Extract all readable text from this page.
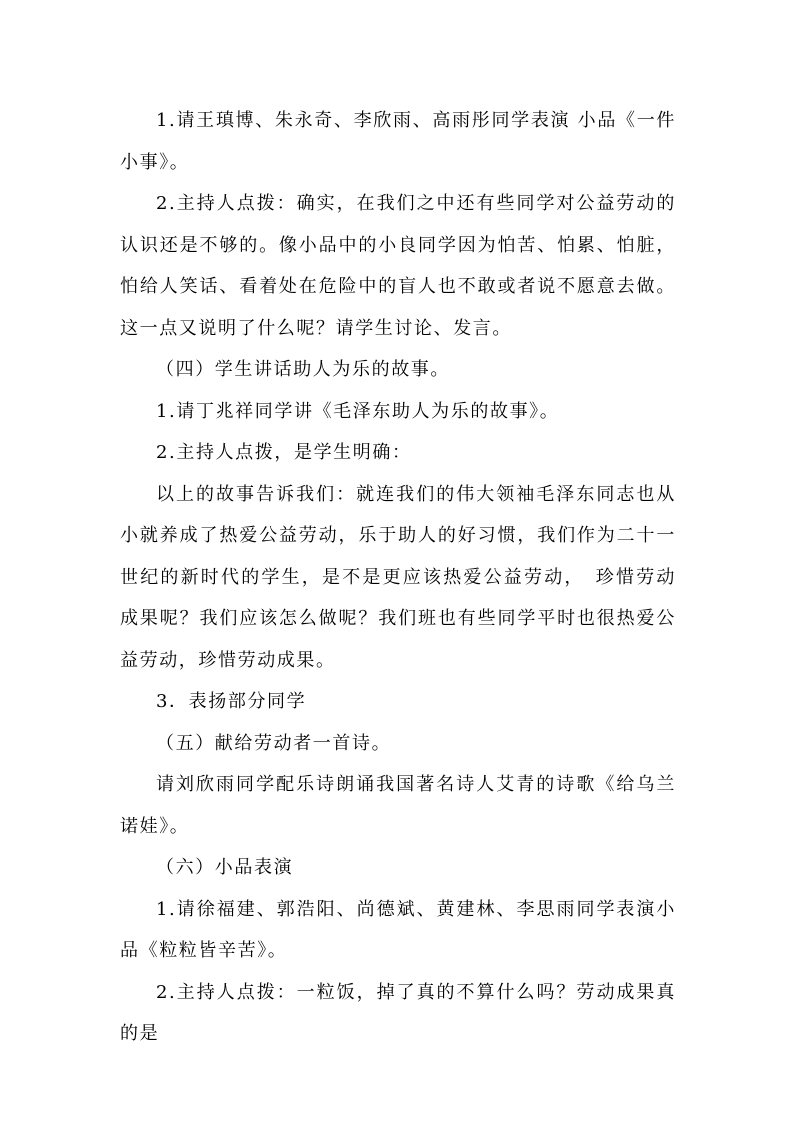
1.请王瑱博、朱永奇、李欣雨、高雨彤同学表演 小品《一件小事》。

2.主持人点拨：确实，在我们之中还有些同学对公益劳动的认识还是不够的。像小品中的小良同学因为怕苦、怕累、怕脏，怕给人笑话、看着处在危险中的盲人也不敢或者说不愿意去做。这一点又说明了什么呢？请学生讨论、发言。

（四）学生讲话助人为乐的故事。

1.请丁兆祥同学讲《毛泽东助人为乐的故事》。

2.主持人点拨，是学生明确：

以上的故事告诉我们：就连我们的伟大领袖毛泽东同志也从小就养成了热爱公益劳动，乐于助人的好习惯，我们作为二十一世纪的新时代的学生，是不是更应该热爱公益劳动，　珍惜劳动成果呢？我们应该怎么做呢？我们班也有些同学平时也很热爱公益劳动，珍惜劳动成果。

3．表扬部分同学

（五）献给劳动者一首诗。

请刘欣雨同学配乐诗朗诵我国著名诗人艾青的诗歌《给乌兰诺娃》。

（六）小品表演

1.请徐福建、郭浩阳、尚德斌、黄建林、李思雨同学表演小品《粒粒皆辛苦》。

2.主持人点拨：一粒饭，掉了真的不算什么吗？劳动成果真的是
